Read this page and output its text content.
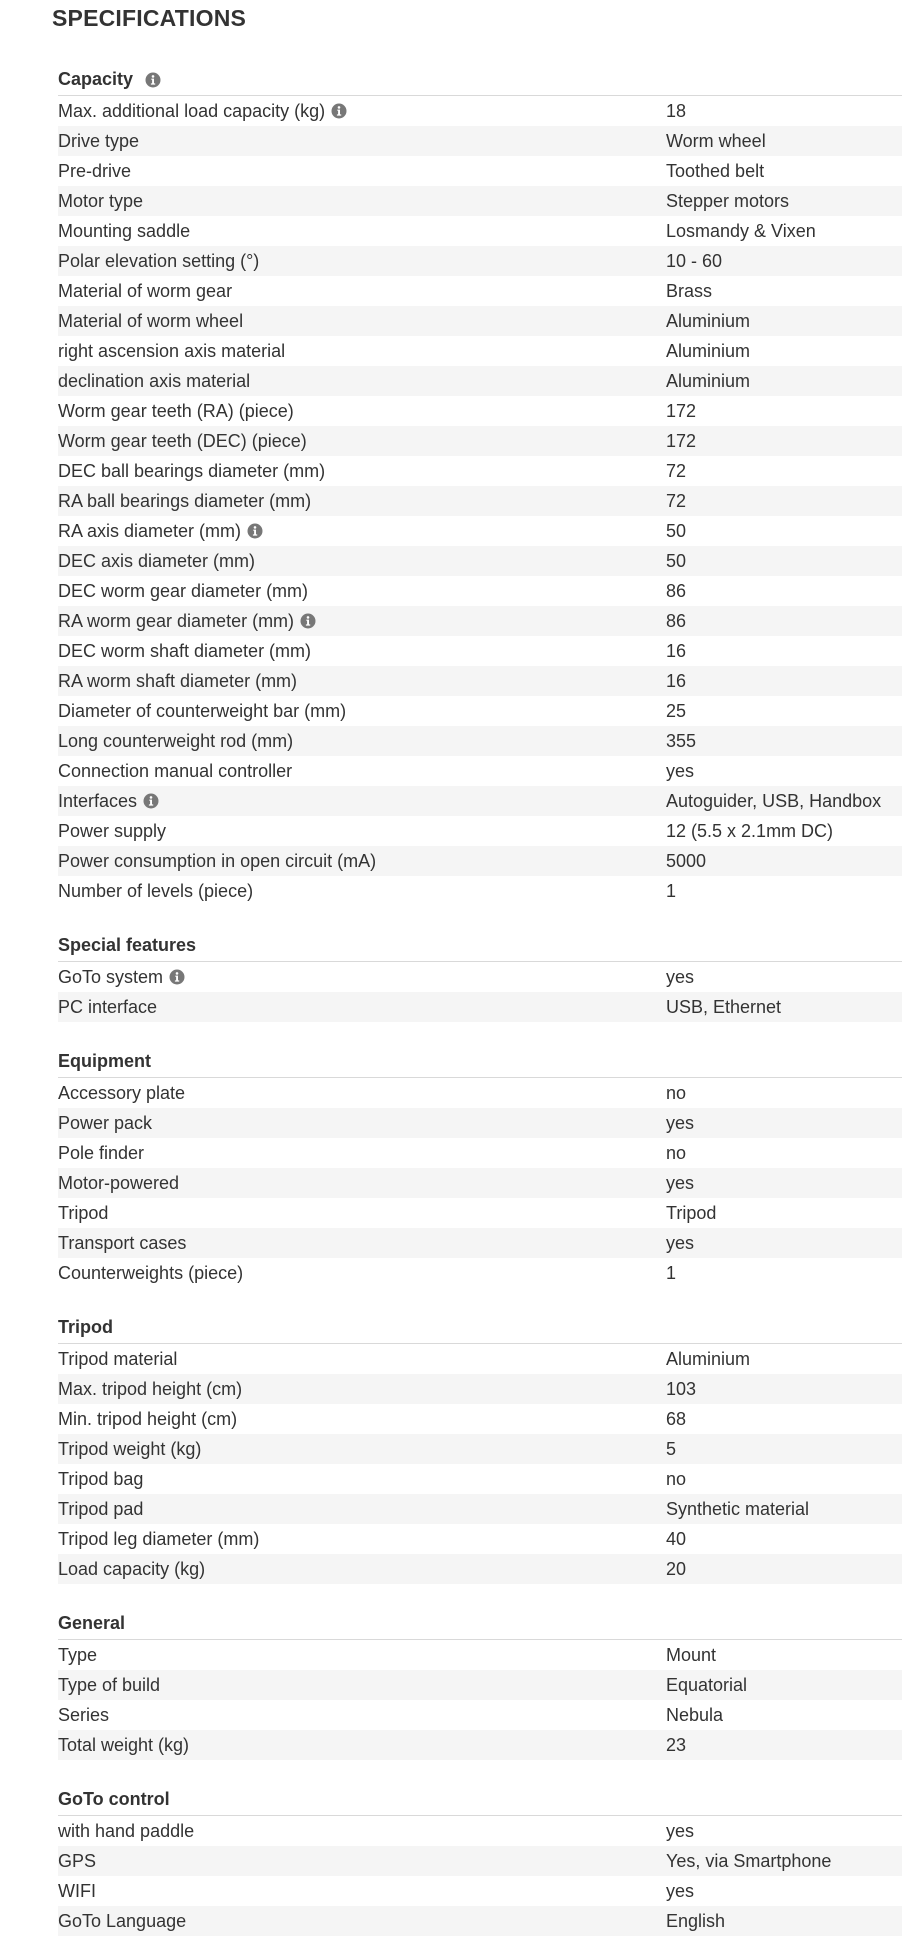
SPECIFICATIONS
Capacity
Max. additional load capacity (kg)	18
Drive type	Worm wheel
Pre-drive	Toothed belt
Motor type	Stepper motors
Mounting saddle	Losmandy & Vixen
Polar elevation setting (°)	10 - 60
Material of worm gear	Brass
Material of worm wheel	Aluminium
right ascension axis material	Aluminium
declination axis material	Aluminium
Worm gear teeth (RA) (piece)	172
Worm gear teeth (DEC) (piece)	172
DEC ball bearings diameter (mm)	72
RA ball bearings diameter (mm)	72
RA axis diameter (mm)	50
DEC axis diameter (mm)	50
DEC worm gear diameter (mm)	86
RA worm gear diameter (mm)	86
DEC worm shaft diameter (mm)	16
RA worm shaft diameter (mm)	16
Diameter of counterweight bar (mm)	25
Long counterweight rod (mm)	355
Connection manual controller	yes
Interfaces	Autoguider, USB, Handbox
Power supply	12 (5.5 x 2.1mm DC)
Power consumption in open circuit (mA)	5000
Number of levels (piece)	1
Special features
GoTo system	yes
PC interface	USB, Ethernet
Equipment
Accessory plate	no
Power pack	yes
Pole finder	no
Motor-powered	yes
Tripod	Tripod
Transport cases	yes
Counterweights (piece)	1
Tripod
Tripod material	Aluminium
Max. tripod height (cm)	103
Min. tripod height (cm)	68
Tripod weight (kg)	5
Tripod bag	no
Tripod pad	Synthetic material
Tripod leg diameter (mm)	40
Load capacity (kg)	20
General
Type	Mount
Type of build	Equatorial
Series	Nebula
Total weight (kg)	23
GoTo control
with hand paddle	yes
GPS	Yes, via Smartphone
WIFI	yes
GoTo Language	English
